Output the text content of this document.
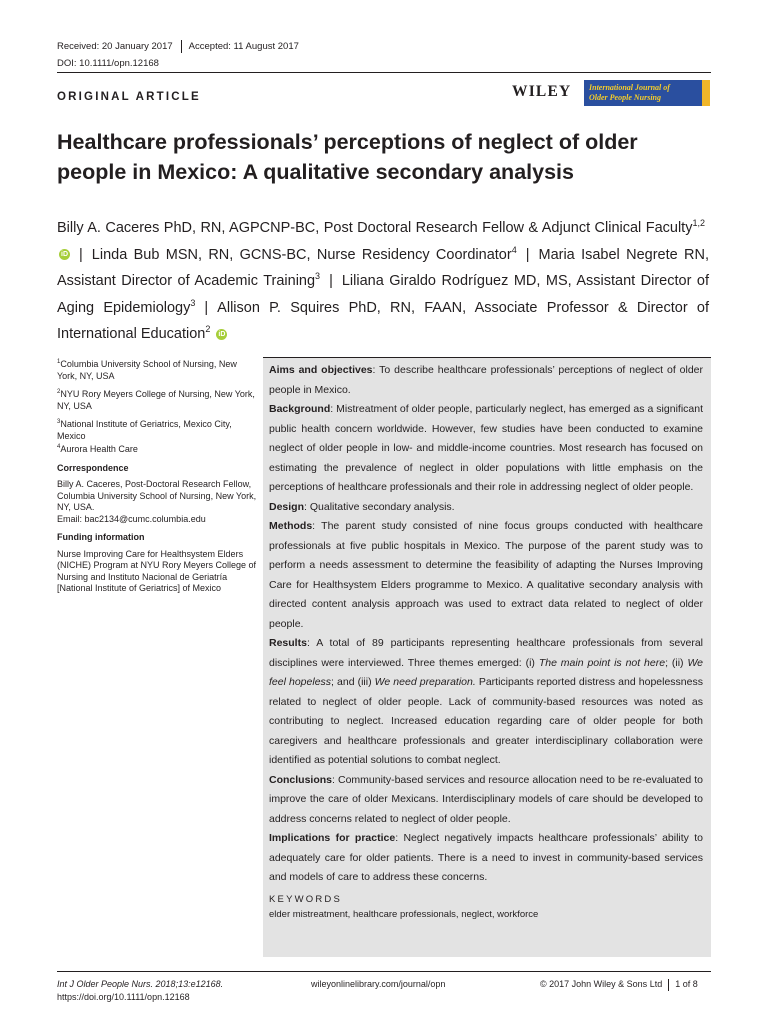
Received: 20 January 2017 Accepted: 11 August 2017
DOI: 10.1111/opn.12168
ORIGINAL ARTICLE	WILEY International Journal of
Older People Nursing
Healthcare professionals’ perceptions of neglect of older people in Mexico: A qualitative secondary analysis
Billy A. Caceres PhD, RN, AGPCNP-BC, Post Doctoral Research Fellow & Adjunct Clinical Faculty$^{1,2}$ iD | Linda Bub MSN, RN, GCNS-BC, Nurse Residency Coordinator$^4$ | Maria Isabel Negrete RN, Assistant Director of Academic Training$^3$ | Liliana Giraldo Rodríguez MD, MS, Assistant Director of Aging Epidemiology$^3$ | Allison P. Squires PhD, RN, FAAN, Associate Professor & Director of International Education$^2$ iD

$^1$Columbia University School of Nursing, New York, NY, USA

$^2$NYU Rory Meyers College of Nursing, New York, NY, USA

$^3$National Institute of Geriatrics, Mexico City, Mexico

$^4$Aurora Health Care

Correspondence

Billy A. Caceres, Post-Doctoral Research Fellow, Columbia University School of Nursing, New York, NY, USA.
Email: bac2134@cumc.columbia.edu

Funding information

Nurse Improving Care for Healthsystem Elders (NICHE) Program at NYU Rory Meyers College of Nursing and Instituto Nacional de Geriatría [National Institute of Geriatrics] of Mexico

Aims and objectives: To describe healthcare professionals’ perceptions of neglect of older people in Mexico.

Background: Mistreatment of older people, particularly neglect, has emerged as a significant public health concern worldwide. However, few studies have been conducted to examine neglect of older people in low- and middle-income countries. Most research has focused on estimating the prevalence of neglect in older populations with little emphasis on the perceptions of healthcare professionals and their role in addressing neglect of older people.

Design: Qualitative secondary analysis.

Methods: The parent study consisted of nine focus groups conducted with healthcare professionals at five public hospitals in Mexico. The purpose of the parent study was to perform a needs assessment to determine the feasibility of adapting the Nurses Improving Care for Healthsystem Elders programme to Mexico. A qualitative secondary analysis with directed content analysis approach was used to extract data related to neglect of older people.

Results: A total of 89 participants representing healthcare professionals from several disciplines were interviewed. Three themes emerged: (i) The main point is not here; (ii) We feel hopeless; and (iii) We need preparation. Participants reported distress and hopelessness related to neglect of older people. Lack of community-based resources was noted as contributing to neglect. Increased education regarding care of older people for both caregivers and healthcare professionals and greater interdisciplinary collaboration were identified as potential solutions to combat neglect.

Conclusions: Community-based services and resource allocation need to be re-evaluated to improve the care of older Mexicans. Interdisciplinary models of care should be developed to address concerns related to neglect of older people.

Implications for practice: Neglect negatively impacts healthcare professionals’ ability to adequately care for older patients. There is a need to invest in community-based services and models of care to address these concerns.

KEYWORDS

elder mistreatment, healthcare professionals, neglect, workforce

Int J Older People Nurs. 2018;13:e12168.
https://doi.org/10.1111/opn.12168
wileyonlinelibrary.com/journal/opn	© 2017 John Wiley & Sons Ltd 1 of 8
